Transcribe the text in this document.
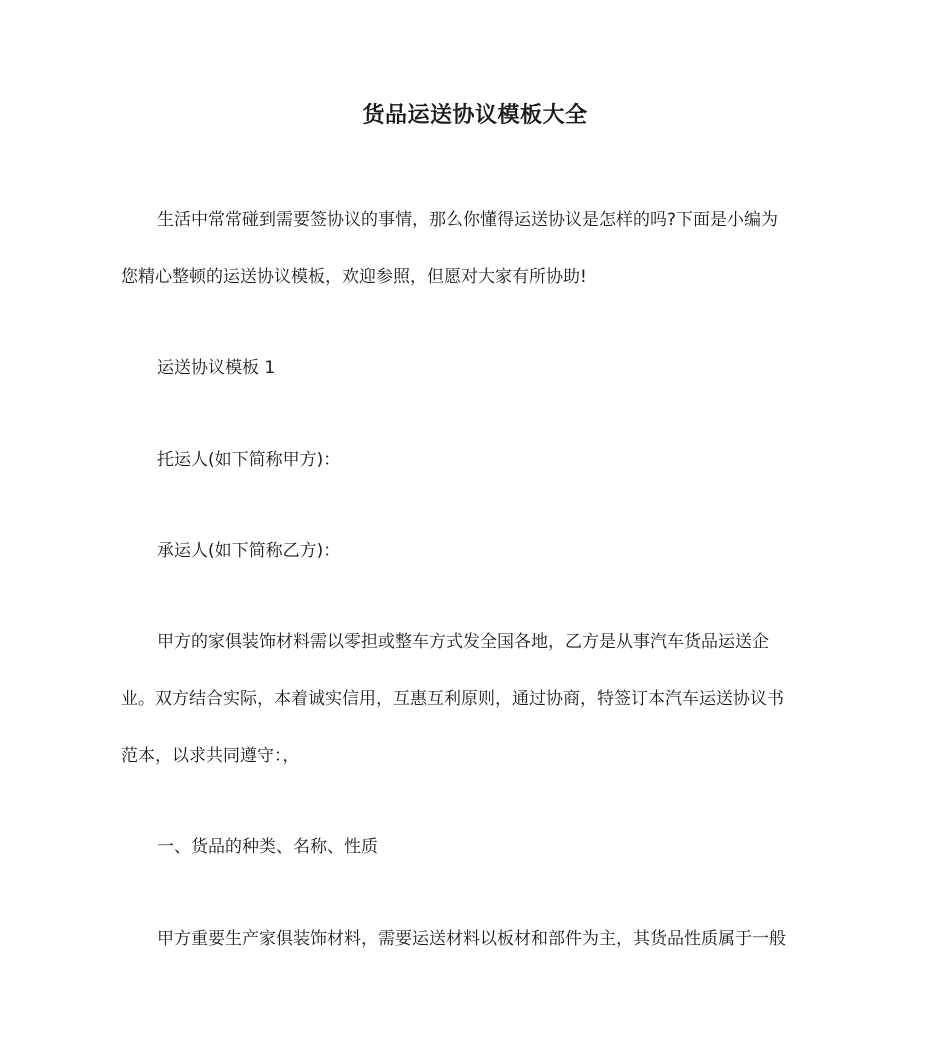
货品运送协议模板大全

生活中常常碰到需要签协议的事情，那么你懂得运送协议是怎样的吗?下面是小编为

您精心整顿的运送协议模板，欢迎参照，但愿对大家有所协助!

运送协议模板 1

托运人(如下简称甲方)：

承运人(如下简称乙方)：

甲方的家俱装饰材料需以零担或整车方式发全国各地，乙方是从事汽车货品运送企

业。双方结合实际，本着诚实信用，互惠互利原则，通过协商，特签订本汽车运送协议书

范本，以求共同遵守：，

一、货品的种类、名称、性质

甲方重要生产家俱装饰材料，需要运送材料以板材和部件为主，其货品性质属于一般
